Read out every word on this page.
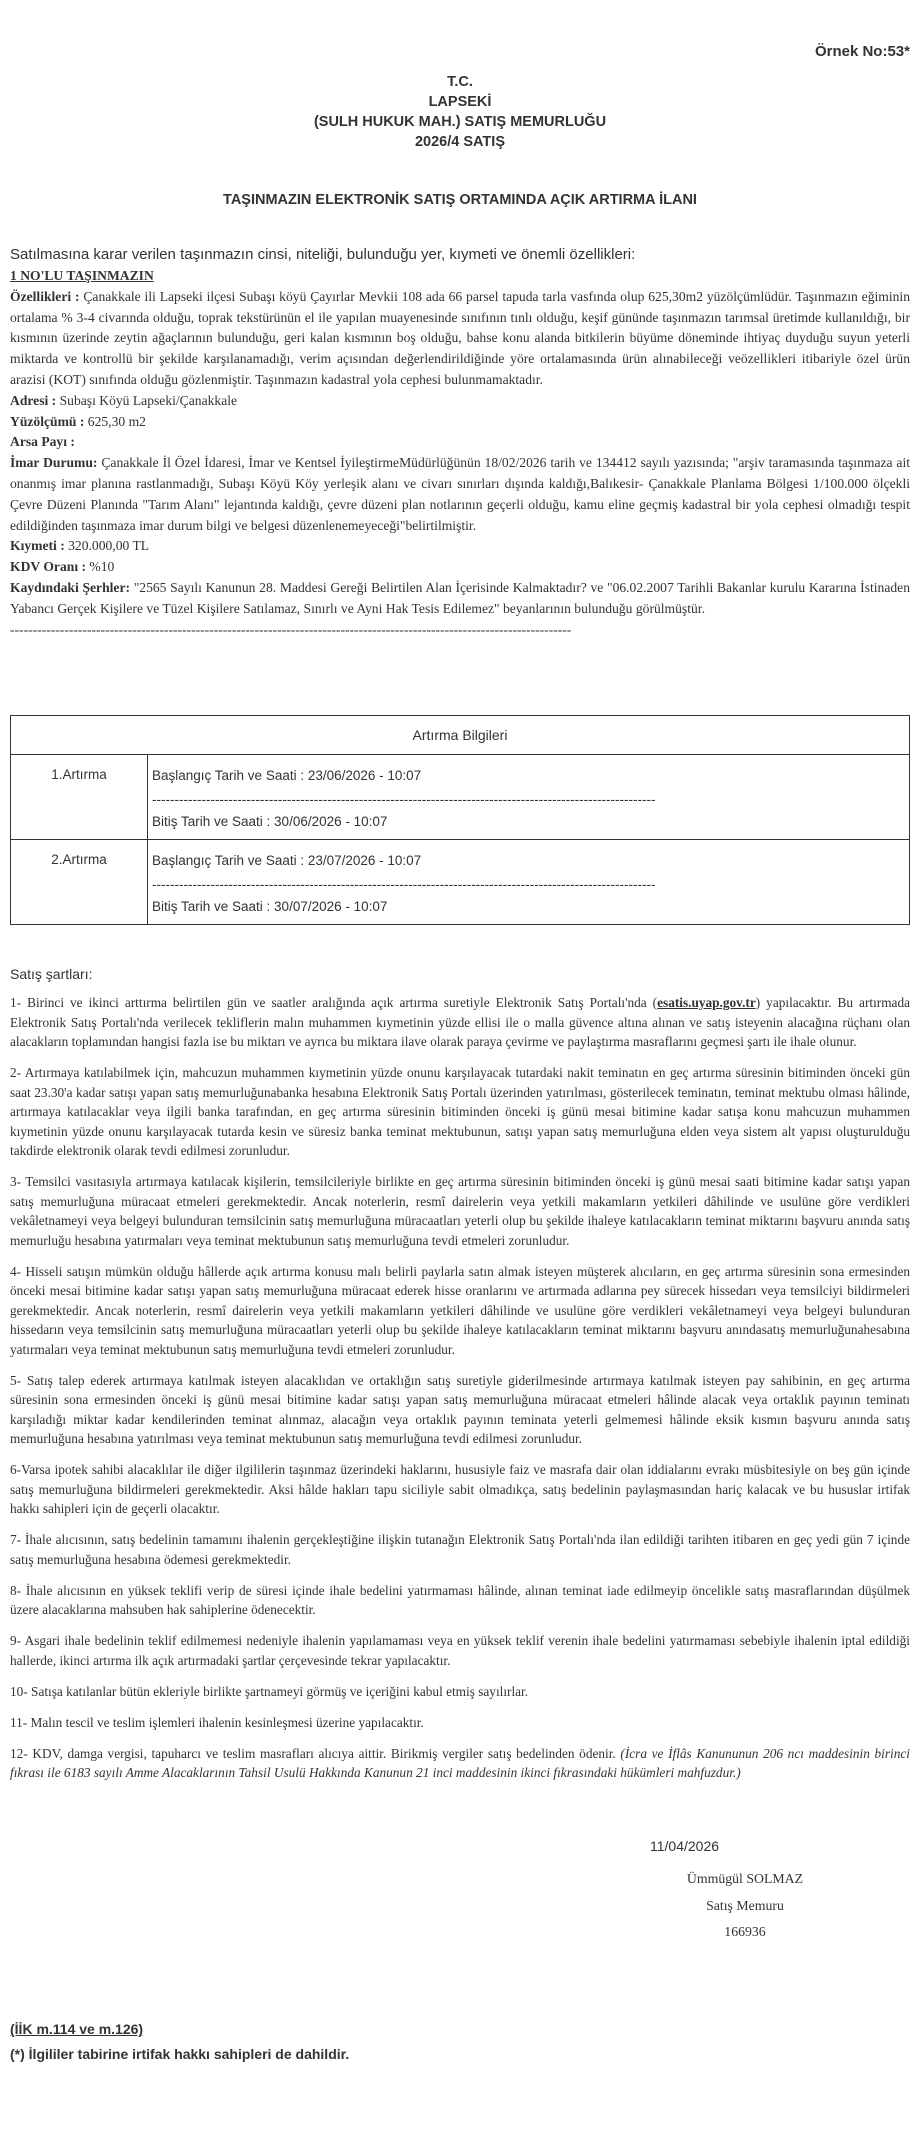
Örnek No:53*
T.C.
LAPSEKİ
(SULH HUKUK MAH.) SATIŞ MEMURLUĞU
2026/4 SATIŞ
TAŞINMAZIN ELEKTRONİK SATIŞ ORTAMINDA AÇIK ARTIRMA İLANI
Satılmasına karar verilen taşınmazın cinsi, niteliği, bulunduğu yer, kıymeti ve önemli özellikleri:

1 NO'LU TAŞINMAZIN

Özellikleri : Çanakkale ili Lapseki ilçesi Subaşı köyü Çayırlar Mevkii 108 ada 66 parsel tapuda tarla vasfında olup 625,30m2 yüzölçümlüdür. Taşınmazın eğiminin ortalama % 3-4 civarında olduğu, toprak tekstürünün el ile yapılan muayenesinde sınıfının tınlı olduğu, keşif gününde taşınmazın tarımsal üretimde kullanıldığı, bir kısmının üzerinde zeytin ağaçlarının bulunduğu, geri kalan kısmının boş olduğu, bahse konu alanda bitkilerin büyüme döneminde ihtiyaç duyduğu suyun yeterli miktarda ve kontrollü bir şekilde karşılanamadığı, verim açısından değerlendirildiğinde yöre ortalamasında ürün alınabileceği veözellikleri itibariyle özel ürün arazisi (KOT) sınıfında olduğu gözlenmiştir. Taşınmazın kadastral yola cephesi bulunmamaktadır.

Adresi : Subaşı Köyü Lapseki/Çanakkale

Yüzölçümü : 625,30 m2

Arsa Payı :

İmar Durumu: Çanakkale İl Özel İdaresi, İmar ve Kentsel İyileştirmeMüdürlüğünün 18/02/2026 tarih ve 134412 sayılı yazısında; "arşiv taramasında taşınmaza ait onanmış imar planına rastlanmadığı, Subaşı Köyü Köy yerleşik alanı ve civarı sınırları dışında kaldığı,Balıkesir- Çanakkale Planlama Bölgesi 1/100.000 ölçekli Çevre Düzeni Planında "Tarım Alanı" lejantında kaldığı, çevre düzeni plan notlarının geçerli olduğu, kamu eline geçmiş kadastral bir yola cephesi olmadığı tespit edildiğinden taşınmaza imar durum bilgi ve belgesi düzenlenemeyeceği"belirtilmiştir.

Kıymeti : 320.000,00 TL

KDV Oranı : %10

Kaydındaki Şerhler: "2565 Sayılı Kanunun 28. Maddesi Gereği Belirtilen Alan İçerisinde Kalmaktadır? ve "06.02.2007 Tarihli Bakanlar kurulu Kararına İstinaden Yabancı Gerçek Kişilere ve Tüzel Kişilere Satılamaz, Sınırlı ve Ayni Hak Tesis Edilemez" beyanlarının bulunduğu görülmüştür.

----------------------------------------------------------------------------------------------------------------------------

Artırma Bilgileri	
1.Artırma	Başlangıç Tarih ve Saati : 23/06/2026 - 10:07
----------------------------------------------------------------------------------------------------------------
Bitiş Tarih ve Saati : 30/06/2026 - 10:07

2.Artırma	Başlangıç Tarih ve Saati : 23/07/2026 - 10:07
----------------------------------------------------------------------------------------------------------------
Bitiş Tarih ve Saati : 30/07/2026 - 10:07
Satış şartları:

1- Birinci ve ikinci arttırma belirtilen gün ve saatler aralığında açık artırma suretiyle Elektronik Satış Portalı'nda (esatis.uyap.gov.tr) yapılacaktır. Bu artırmada Elektronik Satış Portalı'nda verilecek tekliflerin malın muhammen kıymetinin yüzde ellisi ile o malla güvence altına alınan ve satış isteyenin alacağına rüçhanı olan alacakların toplamından hangisi fazla ise bu miktarı ve ayrıca bu miktara ilave olarak paraya çevirme ve paylaştırma masraflarını geçmesi şartı ile ihale olunur.

2- Artırmaya katılabilmek için, mahcuzun muhammen kıymetinin yüzde onunu karşılayacak tutardaki nakit teminatın en geç artırma süresinin bitiminden önceki gün saat 23.30'a kadar satışı yapan satış memurluğunabanka hesabına Elektronik Satış Portalı üzerinden yatırılması, gösterilecek teminatın, teminat mektubu olması hâlinde, artırmaya katılacaklar veya ilgili banka tarafından, en geç artırma süresinin bitiminden önceki iş günü mesai bitimine kadar satışa konu mahcuzun muhammen kıymetinin yüzde onunu karşılayacak tutarda kesin ve süresiz banka teminat mektubunun, satışı yapan satış memurluğuna elden veya sistem alt yapısı oluşturulduğu takdirde elektronik olarak tevdi edilmesi zorunludur.

3- Temsilci vasıtasıyla artırmaya katılacak kişilerin, temsilcileriyle birlikte en geç artırma süresinin bitiminden önceki iş günü mesai saati bitimine kadar satışı yapan satış memurluğuna müracaat etmeleri gerekmektedir. Ancak noterlerin, resmî dairelerin veya yetkili makamların yetkileri dâhilinde ve usulüne göre verdikleri vekâletnameyi veya belgeyi bulunduran temsilcinin satış memurluğuna müracaatları yeterli olup bu şekilde ihaleye katılacakların teminat miktarını başvuru anında satış memurluğu hesabına yatırmaları veya teminat mektubunun satış memurluğuna tevdi etmeleri zorunludur.

4- Hisseli satışın mümkün olduğu hâllerde açık artırma konusu malı belirli paylarla satın almak isteyen müşterek alıcıların, en geç artırma süresinin sona ermesinden önceki mesai bitimine kadar satışı yapan satış memurluğuna müracaat ederek hisse oranlarını ve artırmada adlarına pey sürecek hissedarı veya temsilciyi bildirmeleri gerekmektedir. Ancak noterlerin, resmî dairelerin veya yetkili makamların yetkileri dâhilinde ve usulüne göre verdikleri vekâletnameyi veya belgeyi bulunduran hissedarın veya temsilcinin satış memurluğuna müracaatları yeterli olup bu şekilde ihaleye katılacakların teminat miktarını başvuru anındasatış memurluğunahesabına yatırmaları veya teminat mektubunun satış memurluğuna tevdi etmeleri zorunludur.

5- Satış talep ederek artırmaya katılmak isteyen alacaklıdan ve ortaklığın satış suretiyle giderilmesinde artırmaya katılmak isteyen pay sahibinin, en geç artırma süresinin sona ermesinden önceki iş günü mesai bitimine kadar satışı yapan satış memurluğuna müracaat etmeleri hâlinde alacak veya ortaklık payının teminatı karşıladığı miktar kadar kendilerinden teminat alınmaz, alacağın veya ortaklık payının teminata yeterli gelmemesi hâlinde eksik kısmın başvuru anında satış memurluğuna hesabına yatırılması veya teminat mektubunun satış memurluğuna tevdi edilmesi zorunludur.

6-Varsa ipotek sahibi alacaklılar ile diğer ilgililerin taşınmaz üzerindeki haklarını, hususiyle faiz ve masrafa dair olan iddialarını evrakı müsbitesiyle on beş gün içinde satış memurluğuna bildirmeleri gerekmektedir. Aksi hâlde hakları tapu siciliyle sabit olmadıkça, satış bedelinin paylaşmasından hariç kalacak ve bu hususlar irtifak hakkı sahipleri için de geçerli olacaktır.

7- İhale alıcısının, satış bedelinin tamamını ihalenin gerçekleştiğine ilişkin tutanağın Elektronik Satış Portalı'nda ilan edildiği tarihten itibaren en geç yedi gün 7 içinde satış memurluğuna hesabına ödemesi gerekmektedir.

8- İhale alıcısının en yüksek teklifi verip de süresi içinde ihale bedelini yatırmaması hâlinde, alınan teminat iade edilmeyip öncelikle satış masraflarından düşülmek üzere alacaklarına mahsuben hak sahiplerine ödenecektir.

9- Asgari ihale bedelinin teklif edilmemesi nedeniyle ihalenin yapılamaması veya en yüksek teklif verenin ihale bedelini yatırmaması sebebiyle ihalenin iptal edildiği hallerde, ikinci artırma ilk açık artırmadaki şartlar çerçevesinde tekrar yapılacaktır.

10- Satışa katılanlar bütün ekleriyle birlikte şartnameyi görmüş ve içeriğini kabul etmiş sayılırlar.

11- Malın tescil ve teslim işlemleri ihalenin kesinleşmesi üzerine yapılacaktır.

12- KDV, damga vergisi, tapuharcı ve teslim masrafları alıcıya aittir. Birikmiş vergiler satış bedelinden ödenir. (İcra ve İflâs Kanununun 206 ncı maddesinin birinci fıkrası ile 6183 sayılı Amme Alacaklarının Tahsil Usulü Hakkında Kanunun 21 inci maddesinin ikinci fıkrasındaki hükümleri mahfuzdur.)

11/04/2026
Ümmügül SOLMAZ
Satış Memuru
166936
(İİK m.114 ve m.126)
(*) İlgililer tabirine irtifak hakkı sahipleri de dahildir.
